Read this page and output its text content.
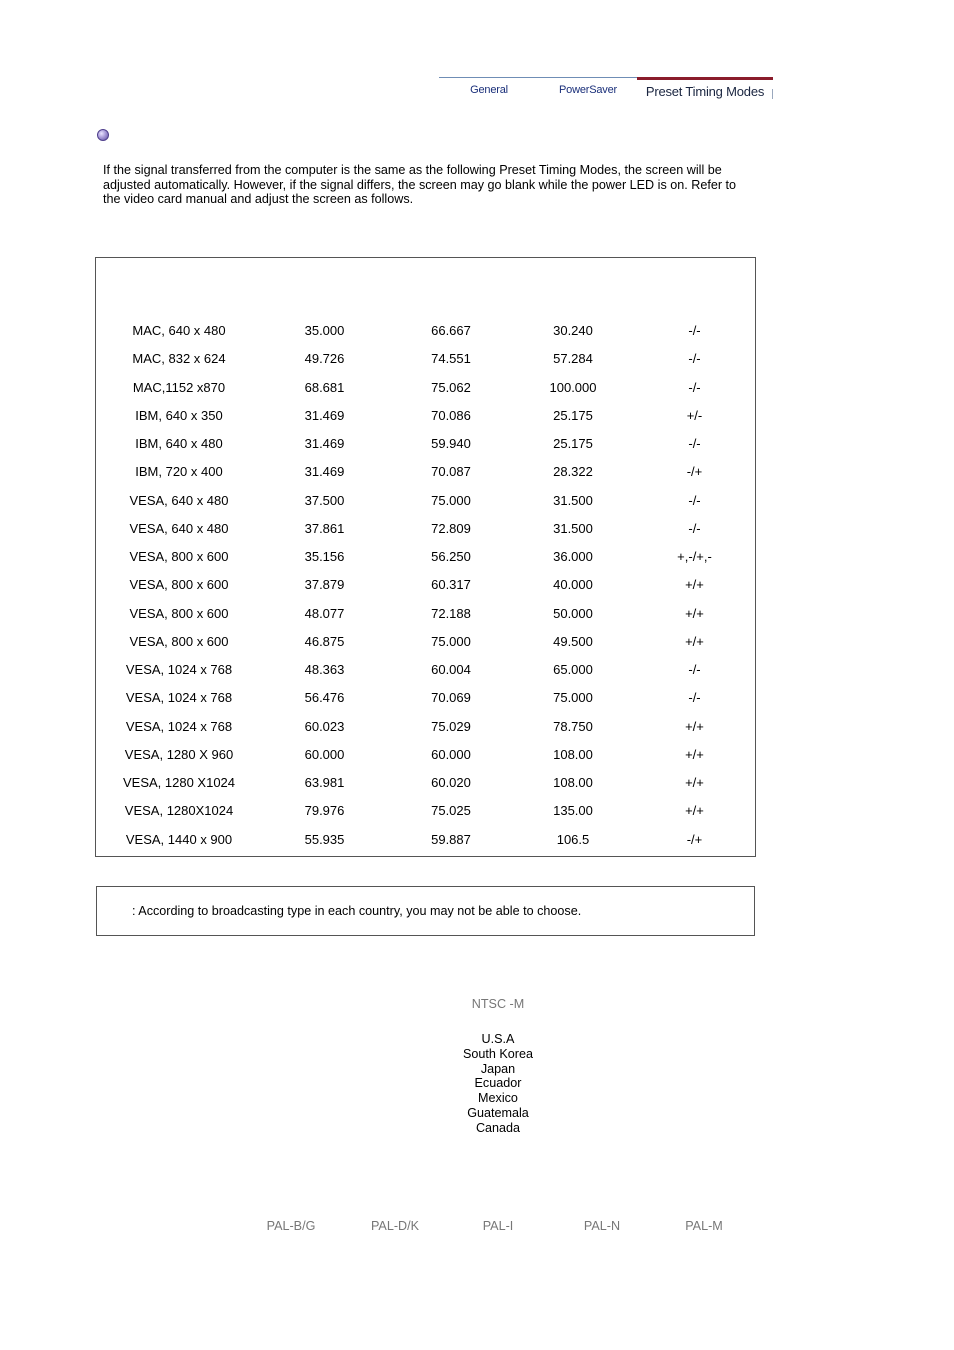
General	PowerSaver	Preset Timing Modes
If the signal transferred from the computer is the same as the following Preset Timing Modes, the screen will be adjusted automatically. However, if the signal differs, the screen may go blank while the power LED is on. Refer to the video card manual and adjust the screen as follows.
MAC, 640 x 480	35.000	66.667	30.240	-/-
MAC, 832 x 624	49.726	74.551	57.284	-/-
MAC,1152 x870	68.681	75.062	100.000	-/-
IBM, 640 x 350	31.469	70.086	25.175	+/-
IBM, 640 x 480	31.469	59.940	25.175	-/-
IBM, 720 x 400	31.469	70.087	28.322	-/+
VESA, 640 x 480	37.500	75.000	31.500	-/-
VESA, 640 x 480	37.861	72.809	31.500	-/-
VESA, 800 x 600	35.156	56.250	36.000	+,-/+,-
VESA, 800 x 600	37.879	60.317	40.000	+/+
VESA, 800 x 600	48.077	72.188	50.000	+/+
VESA, 800 x 600	46.875	75.000	49.500	+/+
VESA, 1024 x 768	48.363	60.004	65.000	-/-
VESA, 1024 x 768	56.476	70.069	75.000	-/-
VESA, 1024 x 768	60.023	75.029	78.750	+/+
VESA, 1280 X 960	60.000	60.000	108.00	+/+
VESA, 1280 X1024	63.981	60.020	108.00	+/+
VESA, 1280X1024	79.976	75.025	135.00	+/+
VESA, 1440 x 900	55.935	59.887	106.5	-/+
: According to broadcasting type in each country, you may not be able to choose.
NTSC -M
U.S.A
South Korea
Japan
Ecuador
Mexico
Guatemala
Canada
PAL-B/G	PAL-D/K	PAL-I	PAL-N	PAL-M
